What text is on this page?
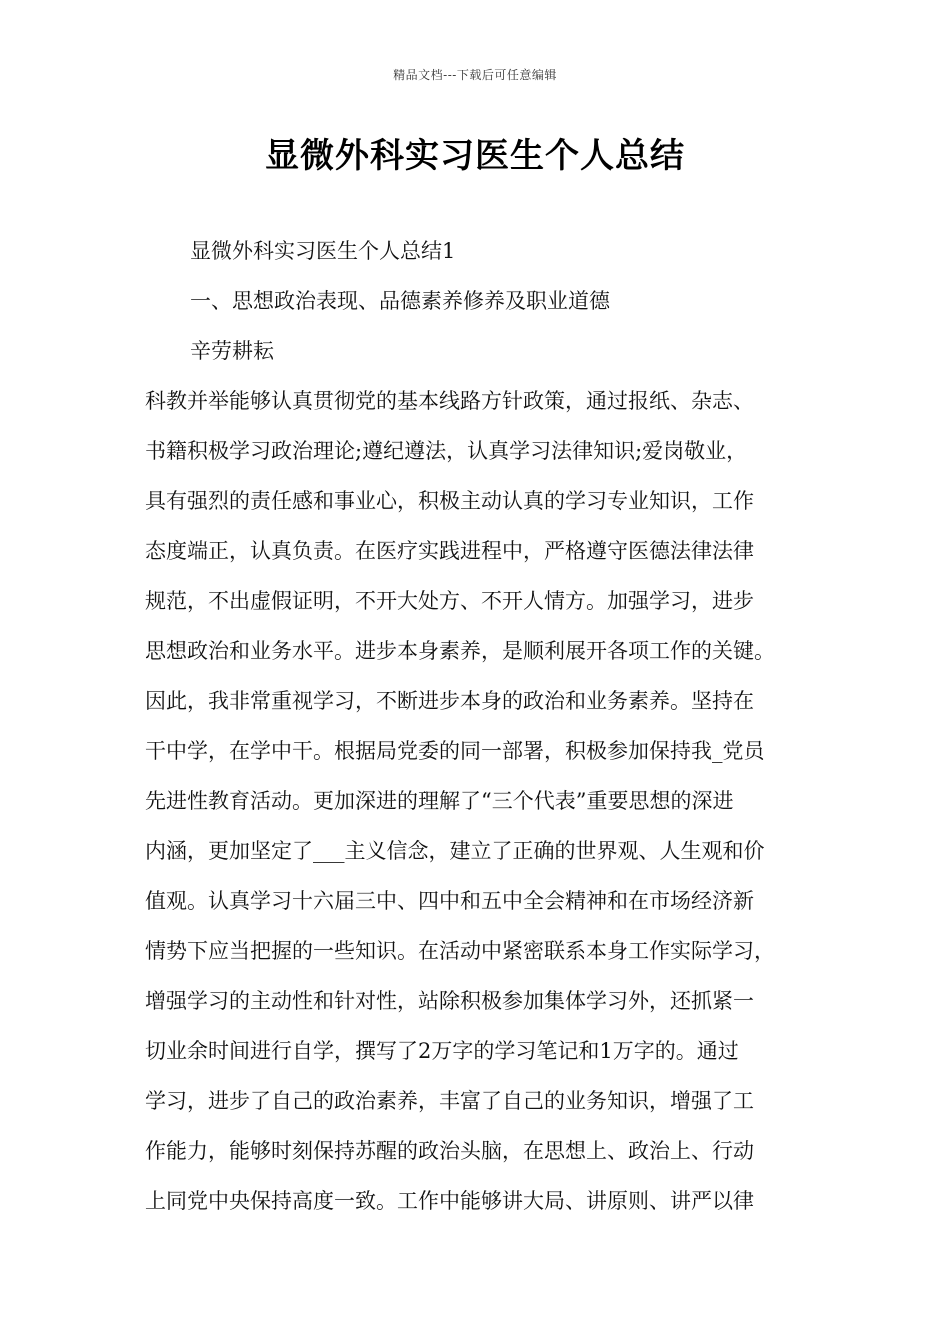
精品文档---下载后可任意编辑
显微外科实习医生个人总结
显微外科实习医生个人总结1
一、思想政治表现、品德素养修养及职业道德
辛劳耕耘
科教并举能够认真贯彻党的基本线路方针政策，通过报纸、杂志、
书籍积极学习政治理论;遵纪遵法，认真学习法律知识;爱岗敬业，
具有强烈的责任感和事业心，积极主动认真的学习专业知识，工作
态度端正，认真负责。在医疗实践进程中，严格遵守医德法律法律
规范，不出虚假证明，不开大处方、不开人情方。加强学习，进步
思想政治和业务水平。进步本身素养，是顺利展开各项工作的关键。
因此，我非常重视学习，不断进步本身的政治和业务素养。坚持在
干中学，在学中干。根据局党委的同一部署，积极参加保持我_党员
先进性教育活动。更加深进的理解了“三个代表”重要思想的深进
内涵，更加坚定了___主义信念，建立了正确的世界观、人生观和价
值观。认真学习十六届三中、四中和五中全会精神和在市场经济新
情势下应当把握的一些知识。在活动中紧密联系本身工作实际学习，
增强学习的主动性和针对性，站除积极参加集体学习外，还抓紧一
切业余时间进行自学，撰写了2万字的学习笔记和1万字的。通过
学习，进步了自己的政治素养，丰富了自己的业务知识，增强了工
作能力，能够时刻保持苏醒的政治头脑，在思想上、政治上、行动
上同党中央保持高度一致。工作中能够讲大局、讲原则、讲严以律
